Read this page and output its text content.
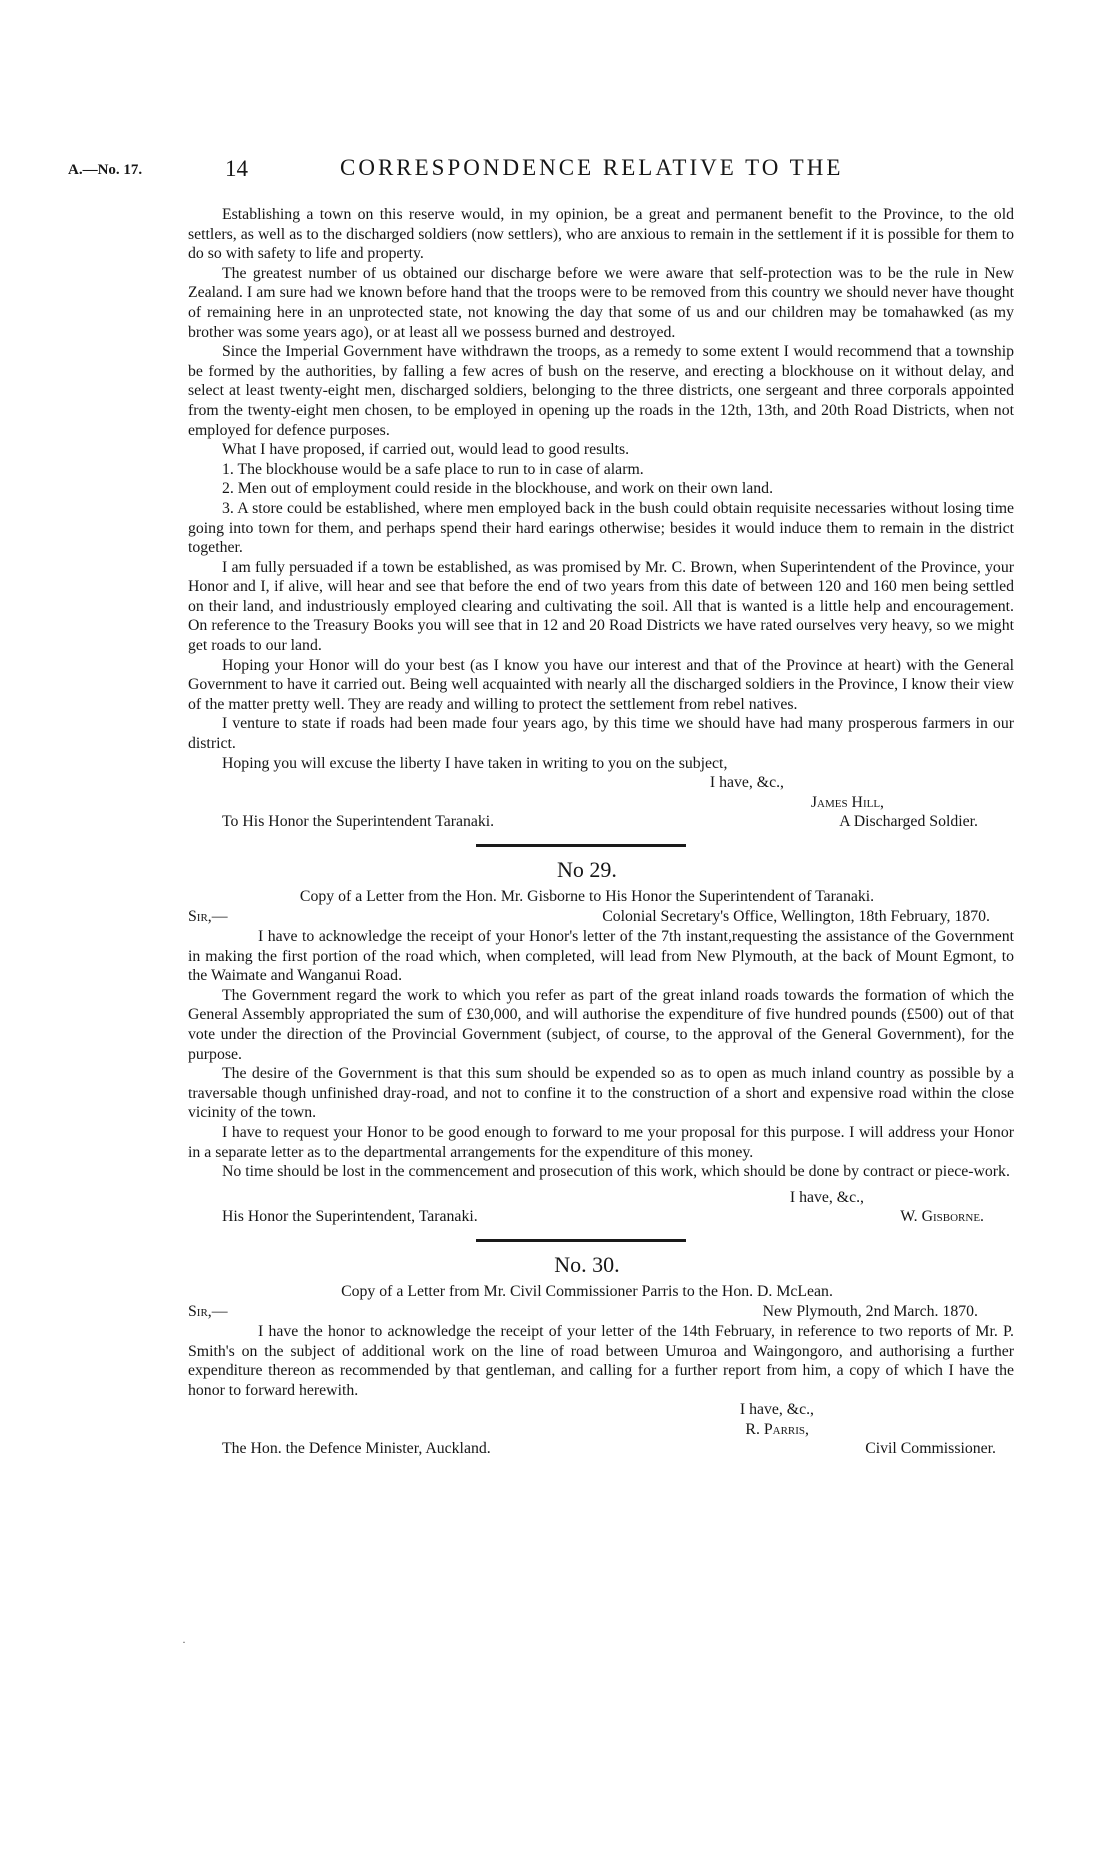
A.—No. 17.	14	CORRESPONDENCE RELATIVE TO THE

Establishing a town on this reserve would, in my opinion, be a great and permanent benefit to the Province, to the old settlers, as well as to the discharged soldiers (now settlers), who are anxious to remain in the settlement if it is possible for them to do so with safety to life and property.

The greatest number of us obtained our discharge before we were aware that self-protection was to be the rule in New Zealand. I am sure had we known before hand that the troops were to be removed from this country we should never have thought of remaining here in an unprotected state, not knowing the day that some of us and our children may be tomahawked (as my brother was some years ago), or at least all we possess burned and destroyed.

Since the Imperial Government have withdrawn the troops, as a remedy to some extent I would recommend that a township be formed by the authorities, by falling a few acres of bush on the reserve, and erecting a blockhouse on it without delay, and select at least twenty-eight men, discharged soldiers, belonging to the three districts, one sergeant and three corporals appointed from the twenty-eight men chosen, to be employed in opening up the roads in the 12th, 13th, and 20th Road Districts, when not employed for defence purposes.

What I have proposed, if carried out, would lead to good results.

1. The blockhouse would be a safe place to run to in case of alarm.

2. Men out of employment could reside in the blockhouse, and work on their own land.

3. A store could be established, where men employed back in the bush could obtain requisite necessaries without losing time going into town for them, and perhaps spend their hard earings otherwise; besides it would induce them to remain in the district together.

I am fully persuaded if a town be established, as was promised by Mr. C. Brown, when Superintendent of the Province, your Honor and I, if alive, will hear and see that before the end of two years from this date of between 120 and 160 men being settled on their land, and industriously employed clearing and cultivating the soil. All that is wanted is a little help and encouragement. On reference to the Treasury Books you will see that in 12 and 20 Road Districts we have rated ourselves very heavy, so we might get roads to our land.

Hoping your Honor will do your best (as I know you have our interest and that of the Province at heart) with the General Government to have it carried out. Being well acquainted with nearly all the discharged soldiers in the Province, I know their view of the matter pretty well. They are ready and willing to protect the settlement from rebel natives.

I venture to state if roads had been made four years ago, by this time we should have had many prosperous farmers in our district.

Hoping you will excuse the liberty I have taken in writing to you on the subject,

I have, &c.,
James Hill,
To His Honor the Superintendent Taranaki.	A Discharged Soldier.
No 29.
Copy of a Letter from the Hon. Mr. Gisborne to His Honor the Superintendent of Taranaki.
Sir,—	Colonial Secretary's Office, Wellington, 18th February, 1870.

I have to acknowledge the receipt of your Honor's letter of the 7th instant,requesting the assistance of the Government in making the first portion of the road which, when completed, will lead from New Plymouth, at the back of Mount Egmont, to the Waimate and Wanganui Road.

The Government regard the work to which you refer as part of the great inland roads towards the formation of which the General Assembly appropriated the sum of £30,000, and will authorise the expenditure of five hundred pounds (£500) out of that vote under the direction of the Provincial Government (subject, of course, to the approval of the General Government), for the purpose.

The desire of the Government is that this sum should be expended so as to open as much inland country as possible by a traversable though unfinished dray-road, and not to confine it to the construction of a short and expensive road within the close vicinity of the town.

I have to request your Honor to be good enough to forward to me your proposal for this purpose. I will address your Honor in a separate letter as to the departmental arrangements for the expenditure of this money.

No time should be lost in the commencement and prosecution of this work, which should be done by contract or piece-work.

I have, &c.,
His Honor the Superintendent, Taranaki.	W. Gisborne.
No. 30.
Copy of a Letter from Mr. Civil Commissioner Parris to the Hon. D. McLean.
Sir,—	New Plymouth, 2nd March. 1870.

I have the honor to acknowledge the receipt of your letter of the 14th February, in reference to two reports of Mr. P. Smith's on the subject of additional work on the line of road between Umuroa and Waingongoro, and authorising a further expenditure thereon as recommended by that gentleman, and calling for a further report from him, a copy of which I have the honor to forward herewith.

I have, &c.,
R. Parris,
The Hon. the Defence Minister, Auckland.	Civil Commissioner.
·
